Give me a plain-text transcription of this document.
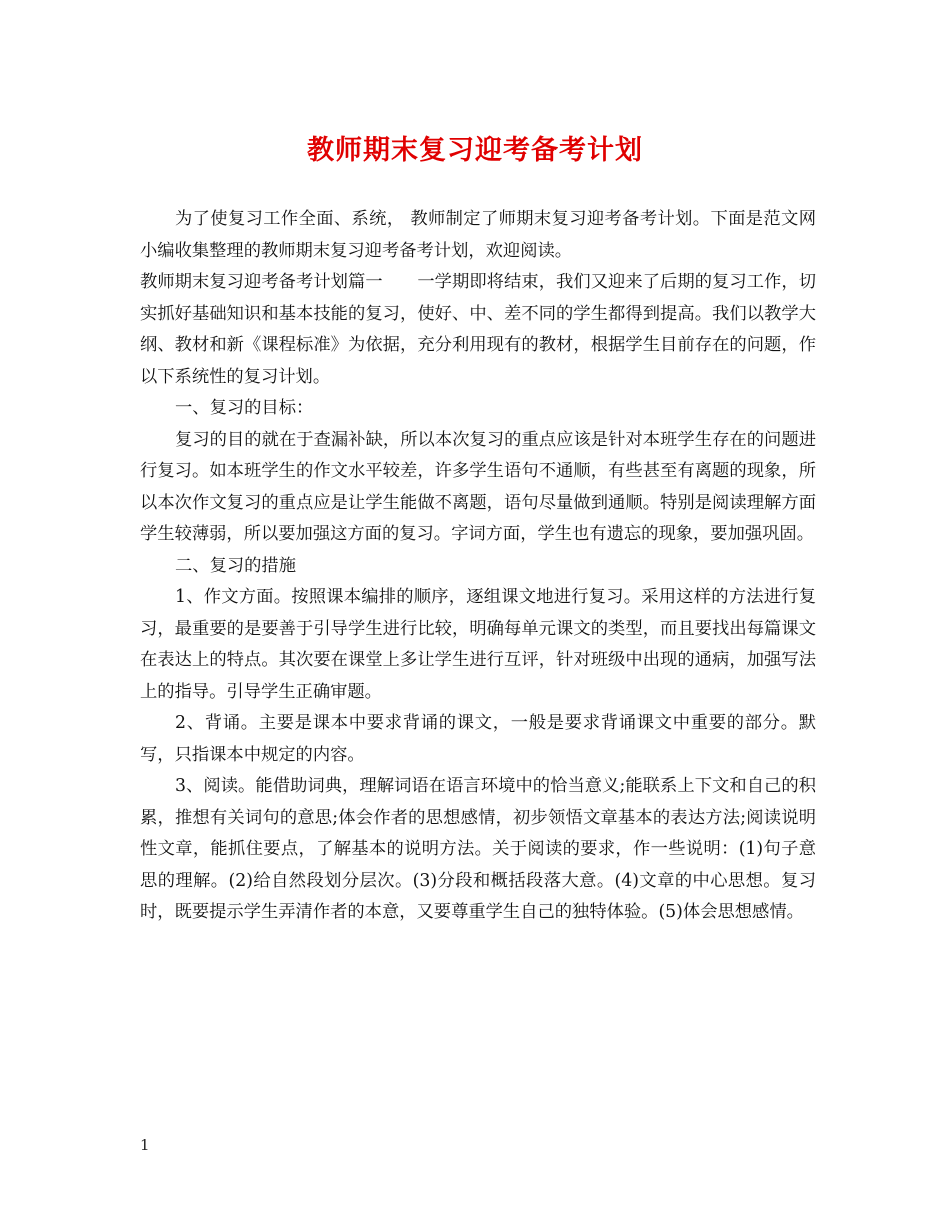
教师期末复习迎考备考计划

为了使复习工作全面、系统， 教师制定了师期末复习迎考备考计划。下面是范文网小编收集整理的教师期末复习迎考备考计划，欢迎阅读。

教师期末复习迎考备考计划篇一　　一学期即将结束，我们又迎来了后期的复习工作，切实抓好基础知识和基本技能的复习，使好、中、差不同的学生都得到提高。我们以教学大纲、教材和新《课程标准》为依据，充分利用现有的教材，根据学生目前存在的问题，作以下系统性的复习计划。

一、复习的目标：

复习的目的就在于查漏补缺，所以本次复习的重点应该是针对本班学生存在的问题进行复习。如本班学生的作文水平较差，许多学生语句不通顺，有些甚至有离题的现象，所以本次作文复习的重点应是让学生能做不离题，语句尽量做到通顺。特别是阅读理解方面学生较薄弱，所以要加强这方面的复习。字词方面，学生也有遗忘的现象，要加强巩固。

二、复习的措施

1、作文方面。按照课本编排的顺序，逐组课文地进行复习。采用这样的方法进行复习，最重要的是要善于引导学生进行比较，明确每单元课文的类型，而且要找出每篇课文在表达上的特点。其次要在课堂上多让学生进行互评，针对班级中出现的通病，加强写法上的指导。引导学生正确审题。

2、背诵。主要是课本中要求背诵的课文，一般是要求背诵课文中重要的部分。默写，只指课本中规定的内容。

3、阅读。能借助词典，理解词语在语言环境中的恰当意义;能联系上下文和自己的积累，推想有关词句的意思;体会作者的思想感情，初步领悟文章基本的表达方法;阅读说明性文章，能抓住要点，了解基本的说明方法。关于阅读的要求，作一些说明：(1)句子意思的理解。(2)给自然段划分层次。(3)分段和概括段落大意。(4)文章的中心思想。复习时，既要提示学生弄清作者的本意，又要尊重学生自己的独特体验。(5)体会思想感情。

1
